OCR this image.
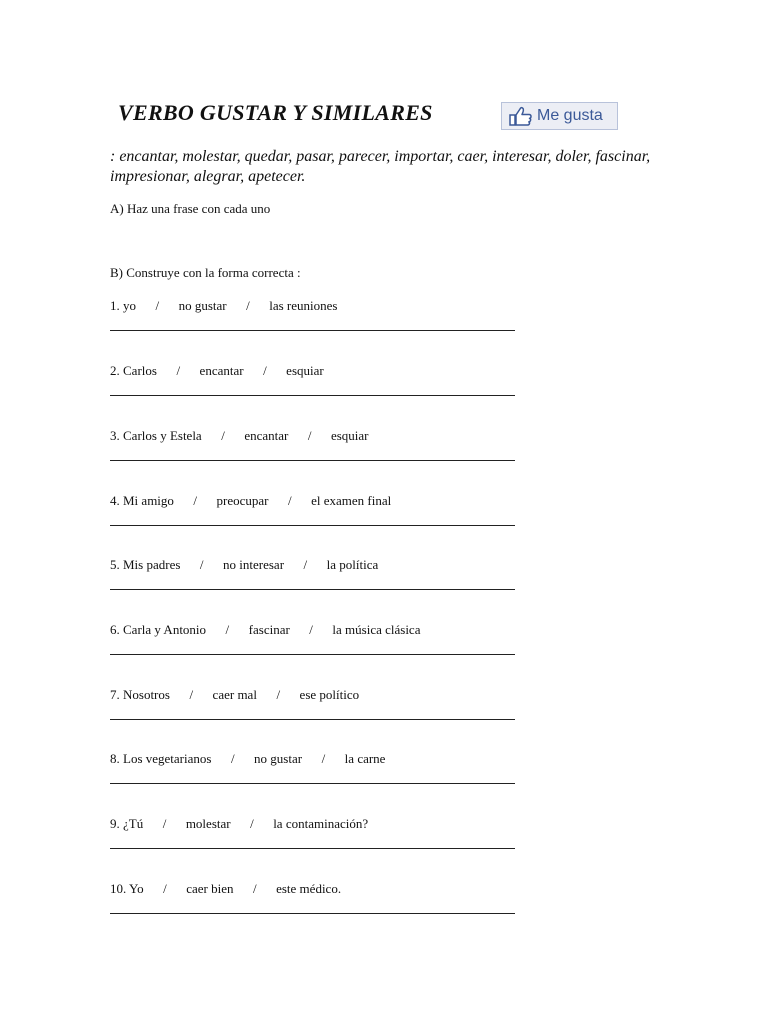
VERBO GUSTAR Y SIMILARES	Me gusta
: encantar, molestar, quedar, pasar, parecer, importar, caer, interesar, doler, fascinar, impresionar, alegrar, apetecer.
A) Haz una frase con cada uno
B) Construye con la forma correcta :
1. yo      /      no gustar      /      las reuniones
2. Carlos      /      encantar      /      esquiar
3. Carlos y Estela      /      encantar      /      esquiar
4. Mi amigo      /      preocupar      /      el examen final
5. Mis padres      /      no interesar      /      la política
6. Carla y Antonio      /      fascinar      /      la música clásica
7. Nosotros      /      caer mal      /      ese político
8. Los vegetarianos      /      no gustar      /      la carne
9. ¿Tú      /      molestar      /      la contaminación?
10. Yo      /      caer bien      /      este médico.
